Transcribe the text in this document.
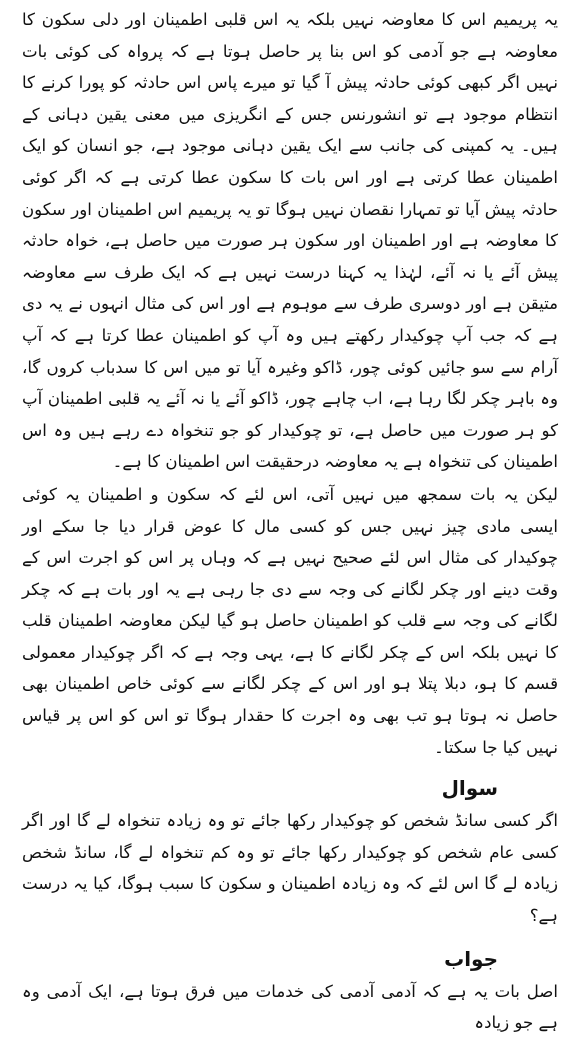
یہ پریمیم اس کا معاوضہ نہیں بلکہ یہ اس قلبی اطمینان اور دلی سکون کا معاوضہ ہے جو آدمی کو اس بنا پر حاصل ہوتا ہے کہ پرواہ کی کوئی بات نہیں اگر کبھی کوئی حادثہ پیش آ گیا تو میرے پاس اس حادثہ کو پورا کرنے کا انتظام موجود ہے تو انشورنس جس کے انگریزی میں معنی یقین دہانی کے ہیں۔ یہ کمپنی کی جانب سے ایک یقین دہانی موجود ہے، جو انسان کو ایک اطمینان عطا کرتی ہے اور اس بات کا سکون عطا کرتی ہے کہ اگر کوئی حادثہ پیش آیا تو تمہارا نقصان نہیں ہوگا تو یہ پریمیم اس اطمینان اور سکون کا معاوضہ ہے اور اطمینان اور سکون ہر صورت میں حاصل ہے، خواہ حادثہ پیش آئے یا نہ آئے، لہٰذا یہ کہنا درست نہیں ہے کہ ایک طرف سے معاوضہ متیقن ہے اور دوسری طرف سے موہوم ہے اور اس کی مثال انہوں نے یہ دی ہے کہ جب آپ چوکیدار رکھتے ہیں وہ آپ کو اطمینان عطا کرتا ہے کہ آپ آرام سے سو جائیں کوئی چور، ڈاکو وغیرہ آیا تو میں اس کا سدباب کروں گا، وہ باہر چکر لگا رہا ہے، اب چاہے چور، ڈاکو آئے یا نہ آئے یہ قلبی اطمینان آپ کو ہر صورت میں حاصل ہے، تو چوکیدار کو جو تنخواہ دے رہے ہیں وہ اس اطمینان کی تنخواہ ہے یہ معاوضہ درحقیقت اس اطمینان کا ہے۔

لیکن یہ بات سمجھ میں نہیں آتی، اس لئے کہ سکون و اطمینان یہ کوئی ایسی مادی چیز نہیں جس کو کسی مال کا عوض قرار دیا جا سکے اور چوکیدار کی مثال اس لئے صحیح نہیں ہے کہ وہاں پر اس کو اجرت اس کے وقت دینے اور چکر لگانے کی وجہ سے دی جا رہی ہے یہ اور بات ہے کہ چکر لگانے کی وجہ سے قلب کو اطمینان حاصل ہو گیا لیکن معاوضہ اطمینان قلب کا نہیں بلکہ اس کے چکر لگانے کا ہے، یہی وجہ ہے کہ اگر چوکیدار معمولی قسم کا ہو، دبلا پتلا ہو اور اس کے چکر لگانے سے کوئی خاص اطمینان بھی حاصل نہ ہوتا ہو تب بھی وہ اجرت کا حقدار ہوگا تو اس کو اس پر قیاس نہیں کیا جا سکتا۔

سوال

اگر کسی سانڈ شخص کو چوکیدار رکھا جائے تو وہ زیادہ تنخواہ لے گا اور اگر کسی عام شخص کو چوکیدار رکھا جائے تو وہ کم تنخواہ لے گا، سانڈ شخص زیادہ لے گا اس لئے کہ وہ زیادہ اطمینان و سکون کا سبب ہوگا، کیا یہ درست ہے؟

جواب

اصل بات یہ ہے کہ آدمی آدمی کی خدمات میں فرق ہوتا ہے، ایک آدمی وہ ہے جو زیادہ
